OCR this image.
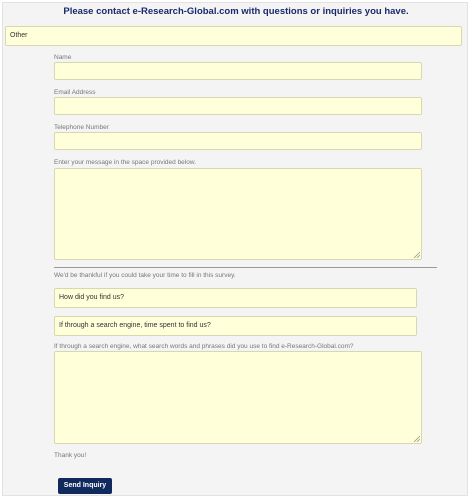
Please contact e-Research-Global.com with questions or inquiries you have.
Other
Name
Email Address
Telephone Number
Enter your message in the space provided below.
We'd be thankful if you could take your time to fill in this survey.
How did you find us?
If through a search engine, time spent to find us?
If through a search engine, what search words and phrases did you use to find e-Research-Global.com?
Thank you!
Send Inquiry
